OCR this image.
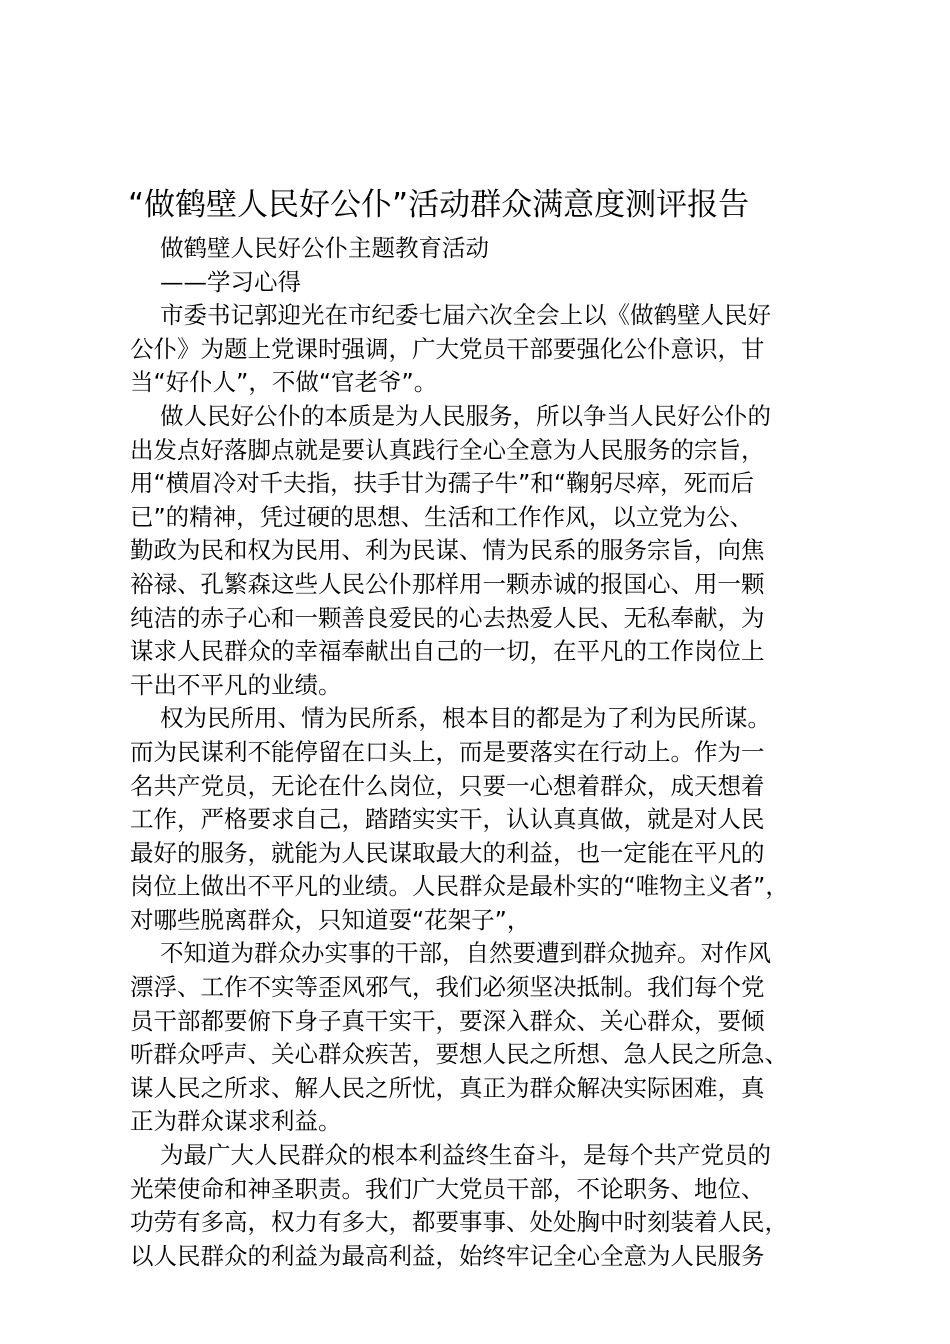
“做鹤壁人民好公仆”活动群众满意度测评报告
做鹤壁人民好公仆主题教育活动
——学习心得
市委书记郭迎光在市纪委七届六次全会上以《做鹤壁人民好
公仆》为题上党课时强调，广大党员干部要强化公仆意识，甘
当“好仆人”，不做“官老爷”。
做人民好公仆的本质是为人民服务，所以争当人民好公仆的
出发点好落脚点就是要认真践行全心全意为人民服务的宗旨，
用“横眉冷对千夫指，扶手甘为孺子牛”和“鞠躬尽瘁，死而后
已”的精神，凭过硬的思想、生活和工作作风，以立党为公、
勤政为民和权为民用、利为民谋、情为民系的服务宗旨，向焦
裕禄、孔繁森这些人民公仆那样用一颗赤诚的报国心、用一颗
纯洁的赤子心和一颗善良爱民的心去热爱人民、无私奉献，为
谋求人民群众的幸福奉献出自己的一切，在平凡的工作岗位上
干出不平凡的业绩。
权为民所用、情为民所系，根本目的都是为了利为民所谋。
而为民谋利不能停留在口头上，而是要落实在行动上。作为一
名共产党员，无论在什么岗位，只要一心想着群众，成天想着
工作，严格要求自己，踏踏实实干，认认真真做，就是对人民
最好的服务，就能为人民谋取最大的利益，也一定能在平凡的
岗位上做出不平凡的业绩。人民群众是最朴实的“唯物主义者”，
对哪些脱离群众，只知道耍“花架子”，
不知道为群众办实事的干部，自然要遭到群众抛弃。对作风
漂浮、工作不实等歪风邪气，我们必须坚决抵制。我们每个党
员干部都要俯下身子真干实干，要深入群众、关心群众，要倾
听群众呼声、关心群众疾苦，要想人民之所想、急人民之所急、
谋人民之所求、解人民之所忧，真正为群众解决实际困难，真
正为群众谋求利益。
为最广大人民群众的根本利益终生奋斗，是每个共产党员的
光荣使命和神圣职责。我们广大党员干部，不论职务、地位、
功劳有多高，权力有多大，都要事事、处处胸中时刻装着人民，
以人民群众的利益为最高利益，始终牢记全心全意为人民服务
